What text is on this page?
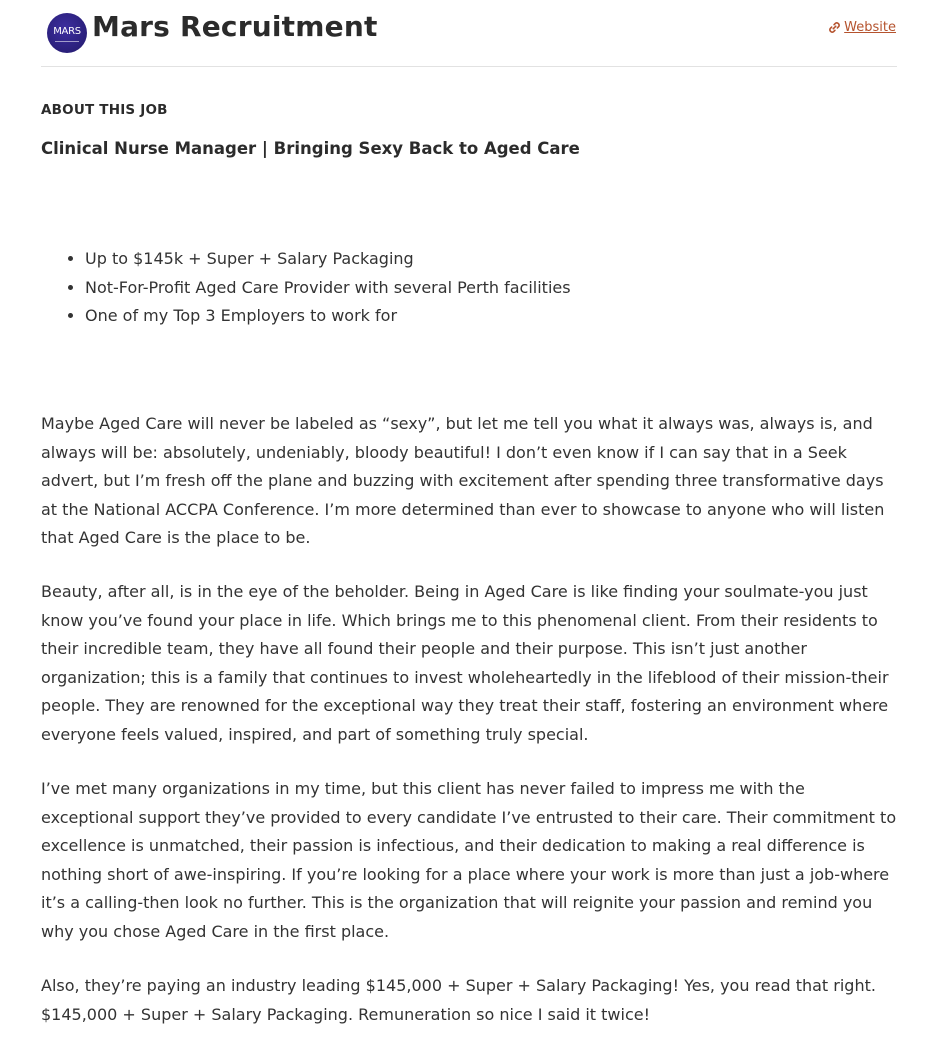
MARS Mars Recruitment	Website
ABOUT THIS JOB
Clinical Nurse Manager | Bringing Sexy Back to Aged Care
• Up to $145k + Super + Salary Packaging
• Not-For-Profit Aged Care Provider with several Perth facilities
• One of my Top 3 Employers to work for

Maybe Aged Care will never be labeled as “sexy”, but let me tell you what it always was, always is, and always will be: absolutely, undeniably, bloody beautiful! I don’t even know if I can say that in a Seek advert, but I’m fresh off the plane and buzzing with excitement after spending three transformative days at the National ACCPA Conference. I’m more determined than ever to showcase to anyone who will listen that Aged Care is the place to be.

Beauty, after all, is in the eye of the beholder. Being in Aged Care is like finding your soulmate-you just know you’ve found your place in life. Which brings me to this phenomenal client. From their residents to their incredible team, they have all found their people and their purpose. This isn’t just another organization; this is a family that continues to invest wholeheartedly in the lifeblood of their mission-their people. They are renowned for the exceptional way they treat their staff, fostering an environment where everyone feels valued, inspired, and part of something truly special.

I’ve met many organizations in my time, but this client has never failed to impress me with the exceptional support they’ve provided to every candidate I’ve entrusted to their care. Their commitment to excellence is unmatched, their passion is infectious, and their dedication to making a real difference is nothing short of awe-inspiring. If you’re looking for a place where your work is more than just a job-where it’s a calling-then look no further. This is the organization that will reignite your passion and remind you why you chose Aged Care in the first place.

Also, they’re paying an industry leading $145,000 + Super + Salary Packaging! Yes, you read that right. $145,000 + Super + Salary Packaging. Remuneration so nice I said it twice!
